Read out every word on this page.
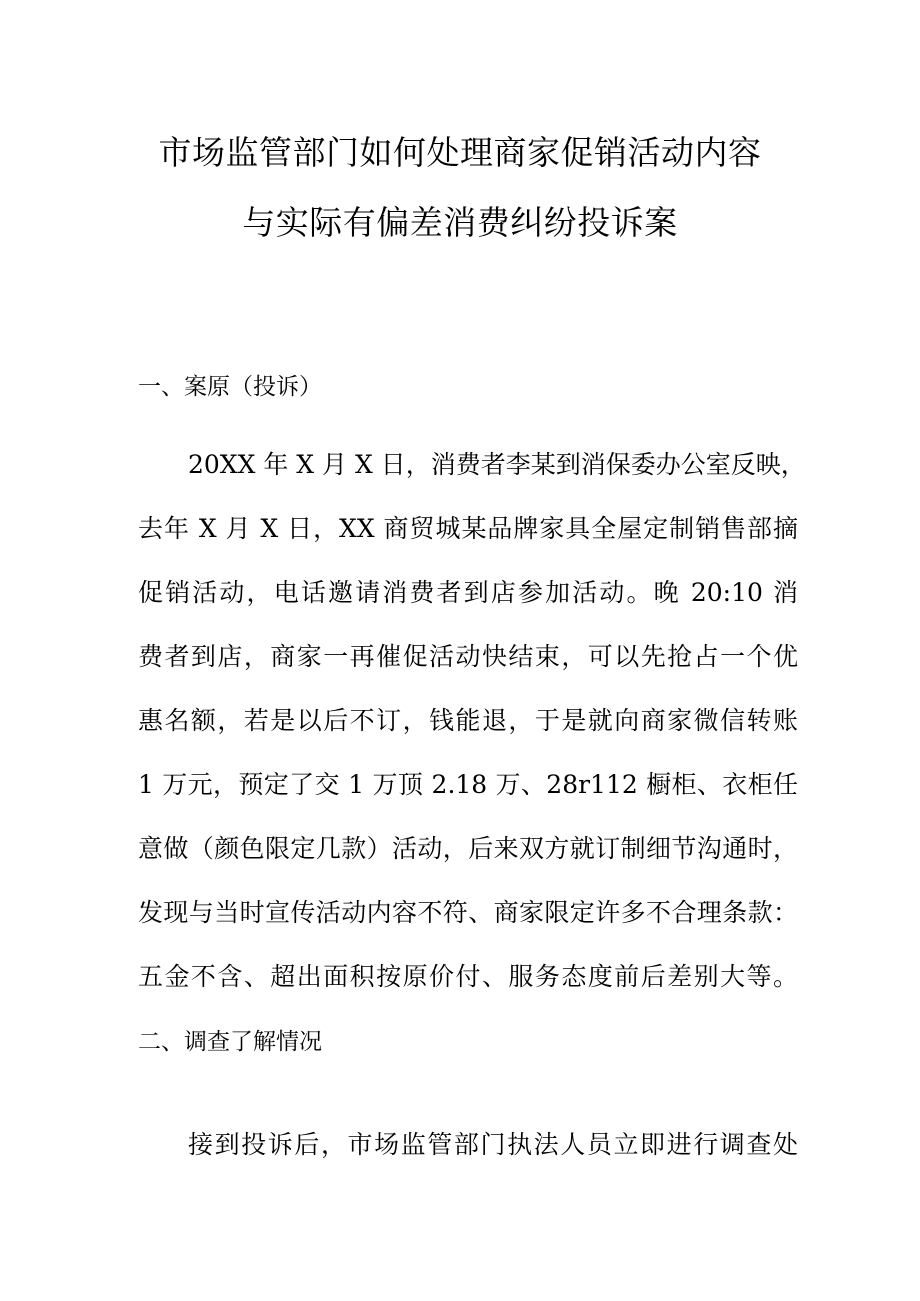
市场监管部门如何处理商家促销活动内容
与实际有偏差消费纠纷投诉案
一、案原（投诉）
20XX 年 X 月 X 日，消费者李某到消保委办公室反映，
去年 X 月 X 日，XX 商贸城某品牌家具全屋定制销售部摘
促销活动，电话邀请消费者到店参加活动。晚 20:10 消
费者到店，商家一再催促活动快结束，可以先抢占一个优
惠名额，若是以后不订，钱能退，于是就向商家微信转账
1 万元，预定了交 1 万顶 2.18 万、28r112 橱柜、衣柜任
意做（颜色限定几款）活动，后来双方就订制细节沟通时，
发现与当时宣传活动内容不符、商家限定许多不合理条款：
五金不含、超出面积按原价付、服务态度前后差别大等。
二、调查了解情况
接到投诉后，市场监管部门执法人员立即进行调查处
